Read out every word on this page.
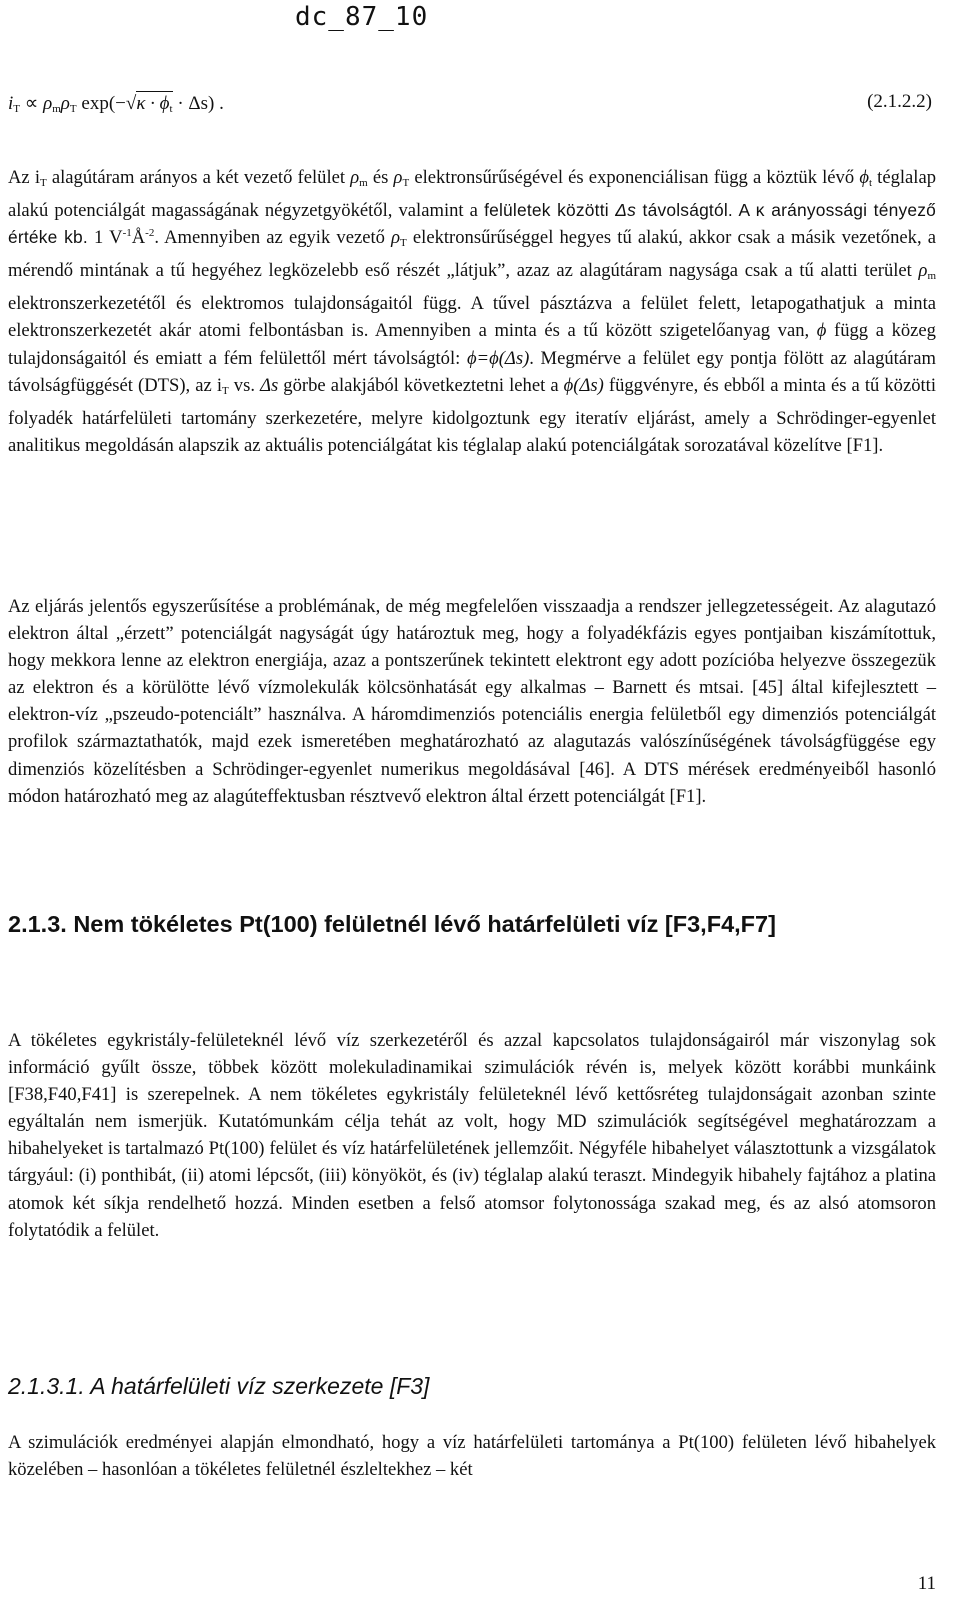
dc_87_10
$i_T \propto \rho_m\rho_T$ $\exp(-√\kappa \cdot \phi_t \cdot \Delta s)$ .	(2.1.2.2)
Az $i_T$ alagútáram arányos a két vezető felület $\rho_m$ és $\rho_T$ elektronsűrűségével és exponenciálisan függ a köztük lévő $\phi_t$ téglalap alakú potenciálgát magasságának négyzetgyökétől, valamint a felületek közötti Δs távolságtól. A κ arányossági tényező értéke kb. 1 $V^{-1}Å^{-2}$. Amennyiben az egyik vezető $\rho_T$ elektronsűrűséggel hegyes tű alakú, akkor csak a másik vezetőnek, a mérendő mintának a tű hegyéhez legközelebb eső részét „látjuk”, azaz az alagútáram nagysága csak a tű alatti terület $\rho_m$ elektronszerkezetétől és elektromos tulajdonságaitól függ. A tűvel pásztázva a felület felett, letapogathatjuk a minta elektronszerkezetét akár atomi felbontásban is. Amennyiben a minta és a tű között szigetelőanyag van, ϕ függ a közeg tulajdonságaitól és emiatt a fém felülettől mért távolságtól: ϕ=ϕ(Δs). Megmérve a felület egy pontja fölött az alagútáram távolságfüggését (DTS), az $i_T$ vs. Δs görbe alakjából következtetni lehet a ϕ(Δs) függvényre, és ebből a minta és a tű közötti folyadék határfelületi tartomány szerkezetére, melyre kidolgoztunk egy iteratív eljárást, amely a Schrödinger-egyenlet analitikus megoldásán alapszik az aktuális potenciálgátat kis téglalap alakú potenciálgátak sorozatával közelítve [F1].
Az eljárás jelentős egyszerűsítése a problémának, de még megfelelően visszaadja a rendszer jellegzetességeit. Az alagutazó elektron által „érzett” potenciálgát nagyságát úgy határoztuk meg, hogy a folyadékfázis egyes pontjaiban kiszámítottuk, hogy mekkora lenne az elektron energiája, azaz a pontszerűnek tekintett elektront egy adott pozícióba helyezve összegezük az elektron és a körülötte lévő vízmolekulák kölcsönhatását egy alkalmas – Barnett és mtsai. [45] által kifejlesztett – elektron-víz „pszeudo-potenciált” használva. A háromdimenziós potenciális energia felületből egy dimenziós potenciálgát profilok származtathatók, majd ezek ismeretében meghatározható az alagutazás valószínűségének távolságfüggése egy dimenziós közelítésben a Schrödinger-egyenlet numerikus megoldásával [46]. A DTS mérések eredményeiből hasonló módon határozható meg az alagúteffektusban résztvevő elektron által érzett potenciálgát [F1].
2.1.3. Nem tökéletes Pt(100) felületnél lévő határfelületi víz [F3,F4,F7]
A tökéletes egykristály-felületeknél lévő víz szerkezetéről és azzal kapcsolatos tulajdonságairól már viszonylag sok információ gyűlt össze, többek között molekuladinamikai szimulációk révén is, melyek között korábbi munkáink [F38,F40,F41] is szerepelnek. A nem tökéletes egykristály felületeknél lévő kettősréteg tulajdonságait azonban szinte egyáltalán nem ismerjük. Kutatómunkám célja tehát az volt, hogy MD szimulációk segítségével meghatározzam a hibahelyeket is tartalmazó Pt(100) felület és víz határfelületének jellemzőit. Négyféle hibahelyet választottunk a vizsgálatok tárgyául: (i) ponthibát, (ii) atomi lépcsőt, (iii) könyököt, és (iv) téglalap alakú teraszt. Mindegyik hibahely fajtához a platina atomok két síkja rendelhető hozzá. Minden esetben a felső atomsor folytonossága szakad meg, és az alsó atomsoron folytatódik a felület.
2.1.3.1. A határfelületi víz szerkezete [F3]
A szimulációk eredményei alapján elmondható, hogy a víz határfelületi tartománya a Pt(100) felületen lévő hibahelyek közelében – hasonlóan a tökéletes felületnél észleltekhez – két
11
